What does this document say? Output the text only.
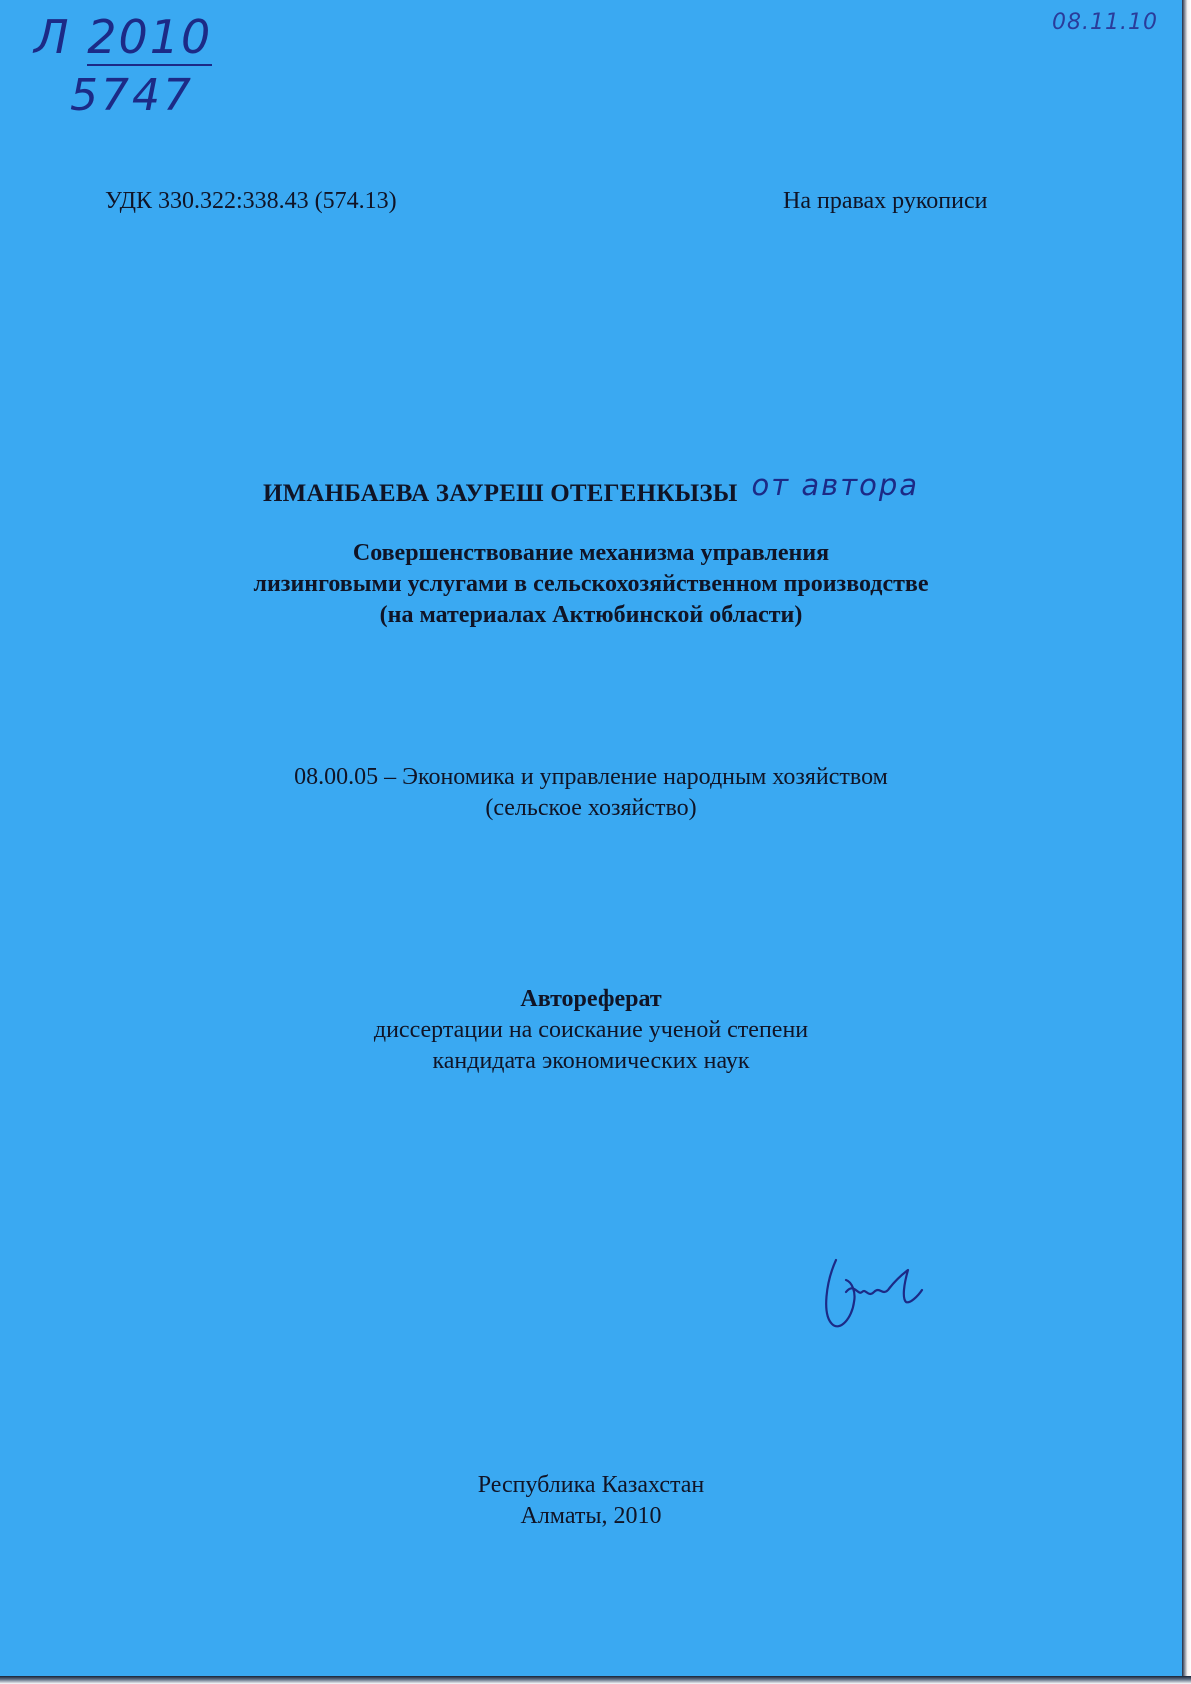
Л 2010
5747
08.11.10
УДК 330.322:338.43 (574.13)	На правах рукописи
ИМАНБАЕВА ЗАУРЕШ ОТЕГЕНКЫЗЫ от автора
Совершенствование механизма управления
лизинговыми услугами в сельскохозяйственном производстве
(на материалах Актюбинской области)
08.00.05 – Экономика и управление народным хозяйством
(сельское хозяйство)
Автореферат
диссертации на соискание ученой степени
кандидата экономических наук
Республика Казахстан
Алматы, 2010
